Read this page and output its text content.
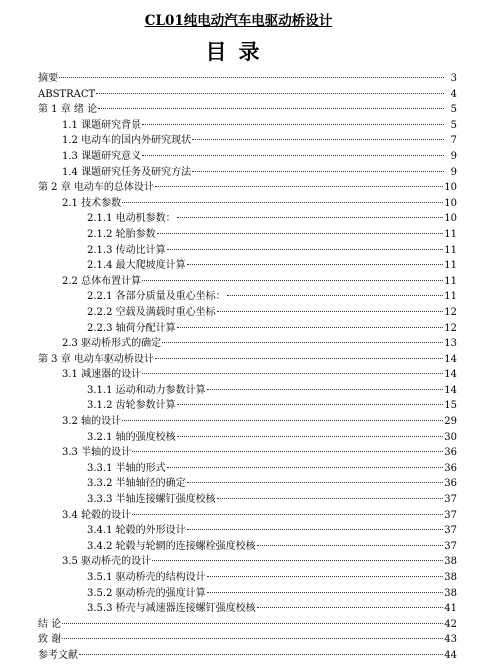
CL01纯电动汽车电驱动桥设计
目录
摘要	3
ABSTRACT	4
第 1 章 绪 论	5
1.1 课题研究背景	5
1.2 电动车的国内外研究现状	7
1.3 课题研究意义	9
1.4 课题研究任务及研究方法	9
第 2 章 电动车的总体设计	10
2.1 技术参数	10
2.1.1 电动机参数：	10
2.1.2 轮胎参数	11
2.1.3 传动比计算	11
2.1.4 最大爬坡度计算	11
2.2 总体布置计算	11
2.2.1 各部分质量及重心坐标：	11
2.2.2 空载及满载时重心坐标	12
2.2.3 轴荷分配计算	12
2.3 驱动桥形式的确定	13
第 3 章 电动车驱动桥设计	14
3.1 减速器的设计	14
3.1.1 运动和动力参数计算	14
3.1.2 齿轮参数计算	15
3.2 轴的设计	29
3.2.1 轴的强度校核	30
3.3 半轴的设计	36
3.3.1 半轴的形式	36
3.3.2 半轴轴径的确定	36
3.3.3 半轴连接螺钉强度校核	37
3.4 轮毂的设计	37
3.4.1 轮毂的外形设计	37
3.4.2 轮毂与轮辋的连接螺栓强度校核	37
3.5 驱动桥壳的设计	38
3.5.1 驱动桥壳的结构设计	38
3.5.2 驱动桥壳的强度计算	38
3.5.3 桥壳与减速器连接螺钉强度校核	41
结 论	42
致 谢	43
参考文献	44
